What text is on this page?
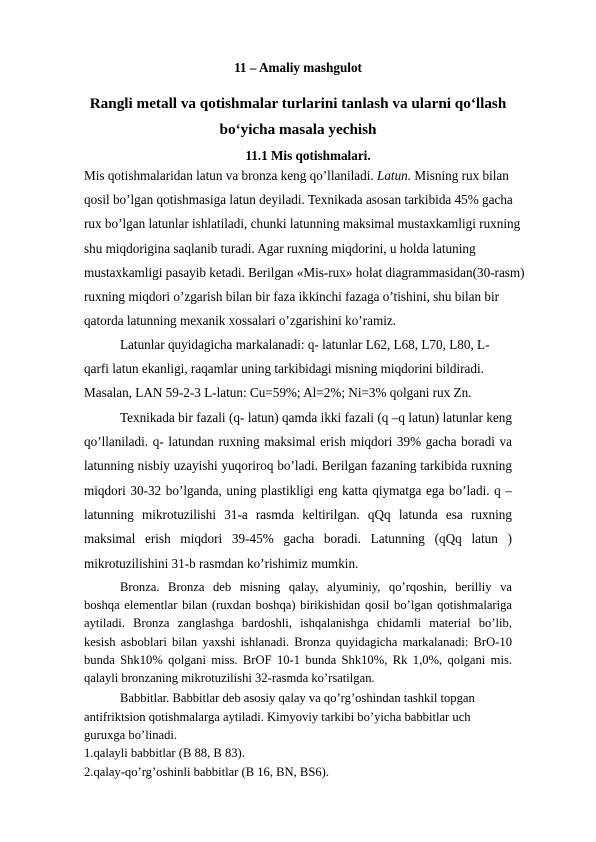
11 – Amaliy mashgulot
Rangli metall va qotishmalar turlarini tanlash va ularni qo‘llash
bo‘yicha masala yechish
11.1 Mis qotishmalari.
Mis qotishmalaridan latun va bronza keng qo’llaniladi. Latun. Misning rux bilan
qosil bo’lgan qotishmasiga latun deyiladi. Texnikada asosan tarkibida 45% gacha
rux bo’lgan latunlar ishlatiladi, chunki latunning maksimal mustaxkamligi ruxning
shu miqdorigina saqlanib turadi. Agar ruxning miqdorini, u holda latuning
mustaxkamligi pasayib ketadi. Berilgan «Mis-rux» holat diagrammasidan(30-rasm)
ruxning miqdori o’zgarish bilan bir faza ikkinchi fazaga o’tishini, shu bilan bir
qatorda latunning mexanik xossalari o’zgarishini ko’ramiz.
Latunlar quyidagicha markalanadi: q- latunlar L62, L68, L70, L80, L-
qarfi latun ekanligi, raqamlar uning tarkibidagi misning miqdorini bildiradi.
Masalan, LAN 59-2-3 L-latun: Cu=59%; Al=2%; Ni=3% qolgani rux Zn.
Texnikada bir fazali (q- latun) qamda ikki fazali (q –q latun) latunlar keng
qo’llaniladi. q- latundan ruxning maksimal erish miqdori 39% gacha boradi va
latunning nisbiy uzayishi yuqoriroq bo’ladi. Berilgan fazaning tarkibida ruxning
miqdori 30-32 bo’lganda, uning plastikligi eng katta qiymatga ega bo’ladi. q –
latunning mikrotuzilishi 31-a rasmda keltirilgan. qQq latunda esa ruxning
maksimal erish miqdori 39-45% gacha boradi. Latunning (qQq latun )
mikrotuzilishini 31-b rasmdan ko’rishimiz mumkin.
Bronza. Bronza deb misning qalay, alyuminiy, qo’rqoshin, berilliy va
boshqa elementlar bilan (ruxdan boshqa) birikishidan qosil bo’lgan qotishmalariga
aytiladi. Bronza zanglashga bardoshli, ishqalanishga chidamli material bo’lib,
kesish asboblari bilan yaxshi ishlanadi. Bronza quyidagicha markalanadi: BrO-10
bunda Shk10% qolgani miss. BrOF 10-1 bunda Shk10%, Rk 1,0%, qolgani mis.
qalayli bronzaning mikrotuzilishi 32-rasmda ko’rsatilgan.
Babbitlar. Babbitlar deb asosiy qalay va qo’rg’oshindan tashkil topgan
antifriktsion qotishmalarga aytiladi. Kimyoviy tarkibi bo’yicha babbitlar uch
guruxga bo’linadi.
1.qalayli babbitlar (B 88, B 83).
2.qalay-qo’rg’oshinli babbitlar (B 16, BN, BS6).
